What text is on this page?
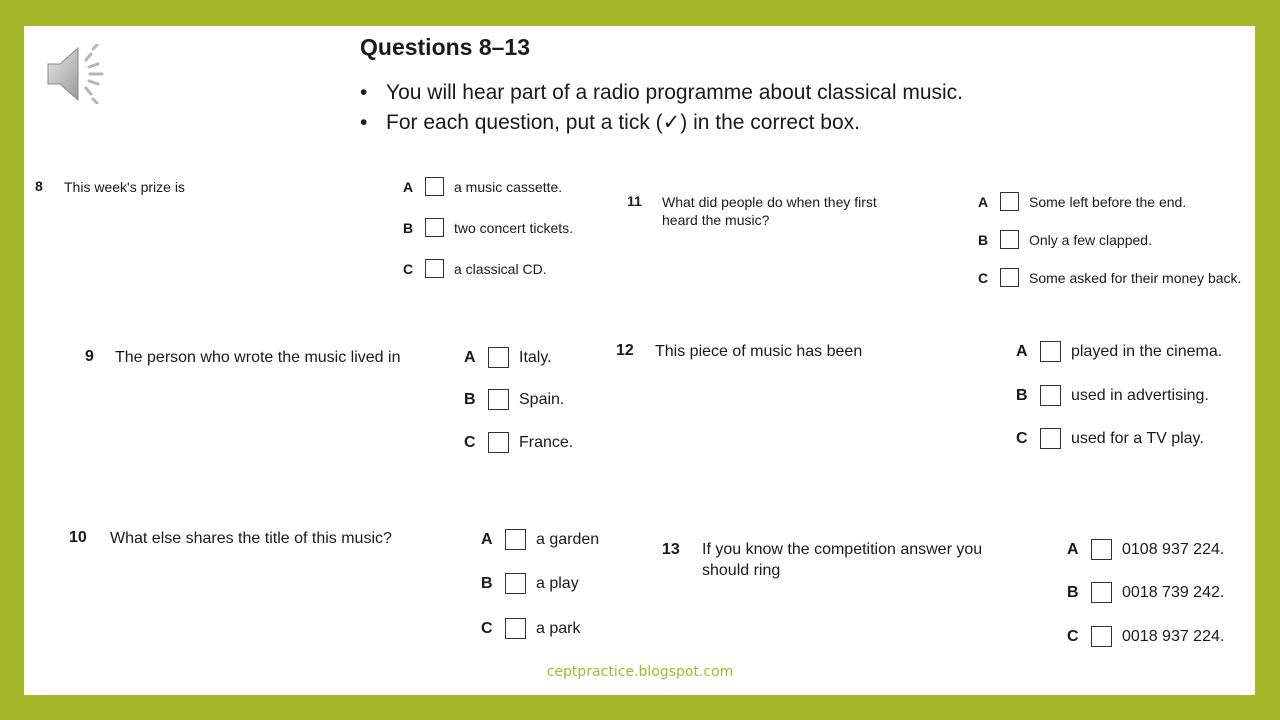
Questions 8–13
• You will hear part of a radio programme about classical music.
• For each question, put a tick (✓) in the correct box.
8 This week's prize is	A	a music cassette.
B	two concert tickets.
C	a classical CD.
9 The person who wrote the music lived in	A	Italy.
B	Spain.
C	France.
10 What else shares the title of this music?	A	a garden
B	a play
C	a park
11 What did people do when they first heard the music?
A	Some left before the end.
B	Only a few clapped.
C	Some asked for their money back.
12 This piece of music has been	A	played in the cinema.
B	used in advertising.
C	used for a TV play.
13 If you know the competition answer you should ring
A	0108 937 224.
B	0018 739 242.
C	0018 937 224.
ceptpractice.blogspot.com
